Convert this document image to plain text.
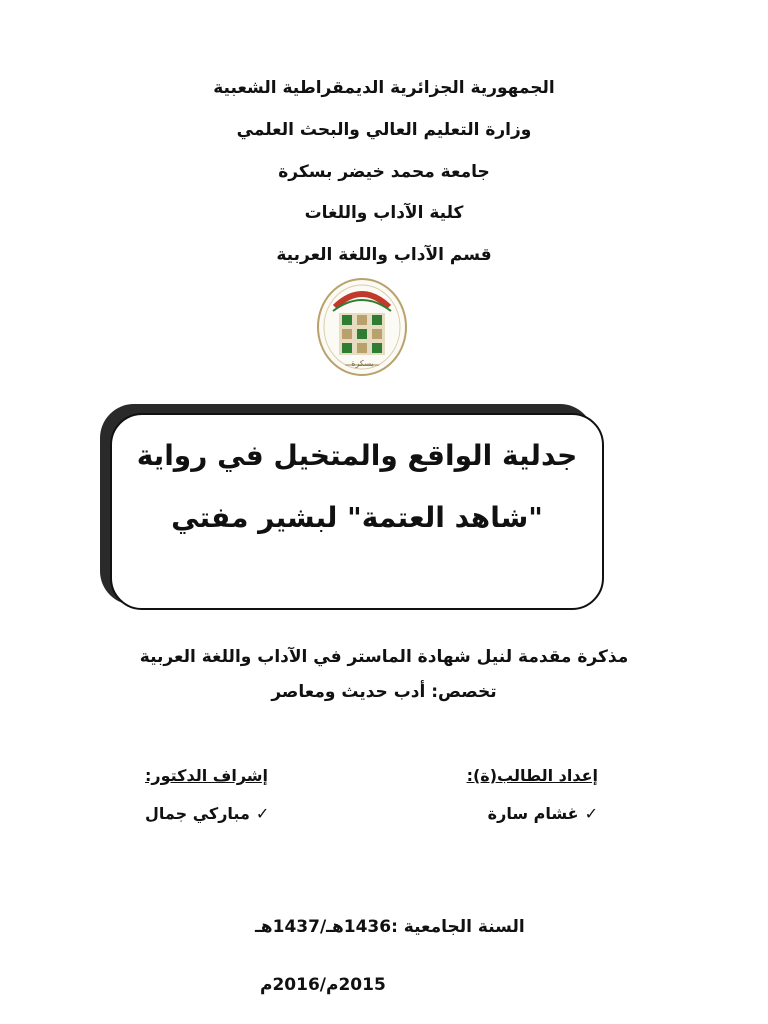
الجمهورية الجزائرية الديمقراطية الشعبية
وزارة التعليم العالي والبحث العلمي
جامعة محمد خيضر بسكرة
كلية الآداب واللغات
قسم الآداب واللغة العربية
بسكرة
جدلية الواقع والمتخيل في رواية
"شاهد العتمة" لبشير مفتي
مذكرة مقدمة لنيل شهادة الماستر في الآداب واللغة العربية
تخصص: أدب حديث ومعاصر
إعداد الطالب(ة):
إشراف الدكتور:
✓غشام سارة
✓مباركي جمال
السنة الجامعية :1436هـ/1437هـ
2015م/2016م
